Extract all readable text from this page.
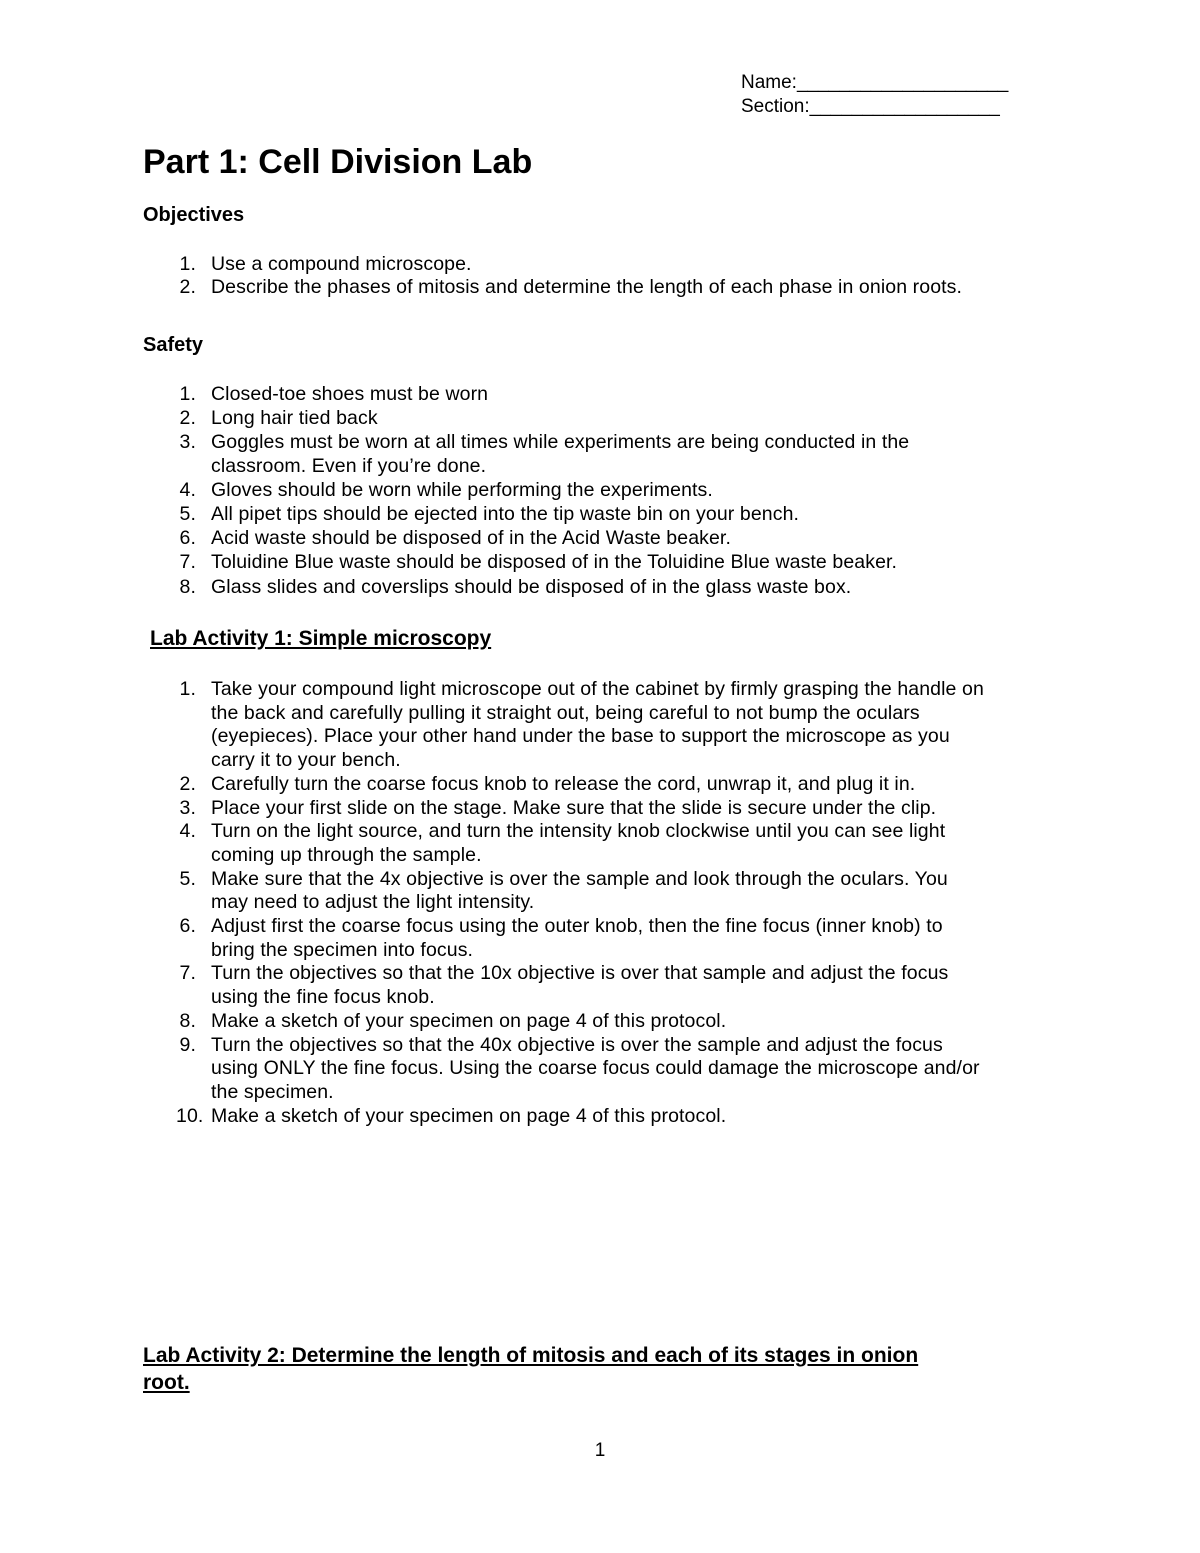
Name:____________________
Section:__________________
Part 1: Cell Division Lab
Objectives
1. Use a compound microscope.
2. Describe the phases of mitosis and determine the length of each phase in onion roots.
Safety
1. Closed-toe shoes must be worn
2. Long hair tied back
3. Goggles must be worn at all times while experiments are being conducted in the
classroom. Even if you’re done.
4. Gloves should be worn while performing the experiments.
5. All pipet tips should be ejected into the tip waste bin on your bench.
6. Acid waste should be disposed of in the Acid Waste beaker.
7. Toluidine Blue waste should be disposed of in the Toluidine Blue waste beaker.
8. Glass slides and coverslips should be disposed of in the glass waste box.
Lab Activity 1: Simple microscopy
1. Take your compound light microscope out of the cabinet by firmly grasping the handle on
the back and carefully pulling it straight out, being careful to not bump the oculars
(eyepieces). Place your other hand under the base to support the microscope as you
carry it to your bench.
2. Carefully turn the coarse focus knob to release the cord, unwrap it, and plug it in.
3. Place your first slide on the stage. Make sure that the slide is secure under the clip.
4. Turn on the light source, and turn the intensity knob clockwise until you can see light
coming up through the sample.
5. Make sure that the 4x objective is over the sample and look through the oculars. You
may need to adjust the light intensity.
6. Adjust first the coarse focus using the outer knob, then the fine focus (inner knob) to
bring the specimen into focus.
7. Turn the objectives so that the 10x objective is over that sample and adjust the focus
using the fine focus knob.
8. Make a sketch of your specimen on page 4 of this protocol.
9. Turn the objectives so that the 40x objective is over the sample and adjust the focus
using ONLY the fine focus. Using the coarse focus could damage the microscope and/or
the specimen.
10. Make a sketch of your specimen on page 4 of this protocol.
Lab Activity 2: Determine the length of mitosis and each of its stages in onion
root.
1
